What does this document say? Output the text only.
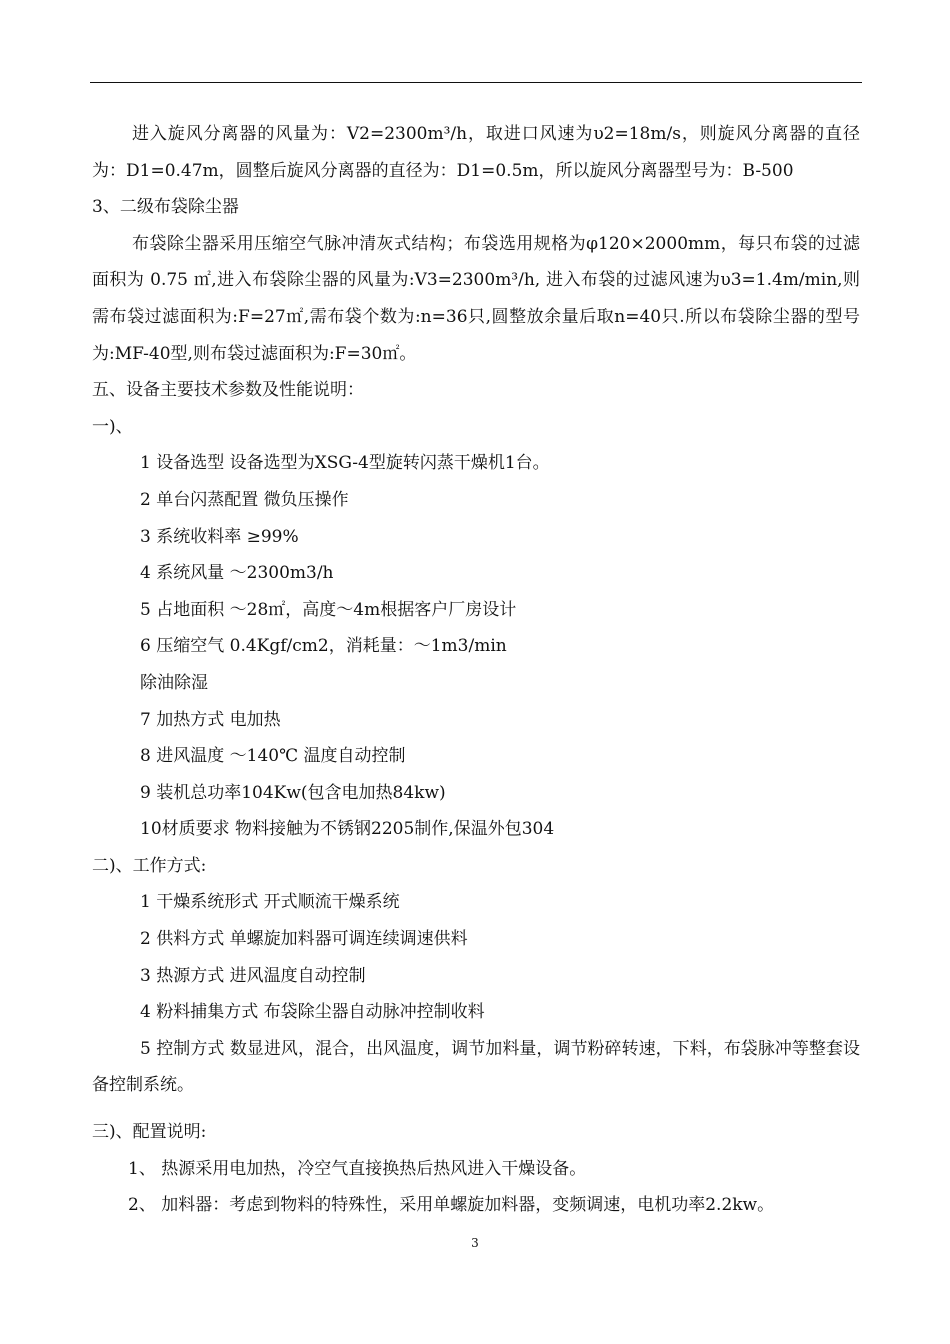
进入旋风分离器的风量为：V2=2300m³/h，取进口风速为υ2=18m/s，则旋风分离器的直径为：D1=0.47m，圆整后旋风分离器的直径为：D1=0.5m，所以旋风分离器型号为：B-500

3、二级布袋除尘器

布袋除尘器采用压缩空气脉冲清灰式结构；布袋选用规格为φ120×2000mm，每只布袋的过滤面积为 0.75 ㎡,进入布袋除尘器的风量为:V3=2300m³/h, 进入布袋的过滤风速为υ3=1.4m/min,则需布袋过滤面积为:F=27㎡,需布袋个数为:n=36只,圆整放余量后取n=40只.所以布袋除尘器的型号为:MF-40型,则布袋过滤面积为:F=30㎡。

五、设备主要技术参数及性能说明：

一)、

1 设备选型 设备选型为XSG-4型旋转闪蒸干燥机1台。

2 单台闪蒸配置 微负压操作

3 系统收料率 ≥99%

4 系统风量 ～2300m3/h

5 占地面积 ～28㎡，高度～4m根据客户厂房设计

6 压缩空气 0.4Kgf/cm2，消耗量：～1m3/min

除油除湿

7 加热方式 电加热

8 进风温度 ～140℃ 温度自动控制

9 装机总功率104Kw(包含电加热84kw)

10材质要求 物料接触为不锈钢2205制作,保温外包304

二)、工作方式:

1 干燥系统形式 开式顺流干燥系统

2 供料方式 单螺旋加料器可调连续调速供料

3 热源方式 进风温度自动控制

4 粉料捕集方式 布袋除尘器自动脉冲控制收料

5 控制方式 数显进风，混合，出风温度，调节加料量，调节粉碎转速，下料，布袋脉冲等整套设备控制系统。

三)、配置说明:

1、 热源采用电加热，冷空气直接换热后热风进入干燥设备。

2、 加料器：考虑到物料的特殊性，采用单螺旋加料器，变频调速，电机功率2.2kw。

3
